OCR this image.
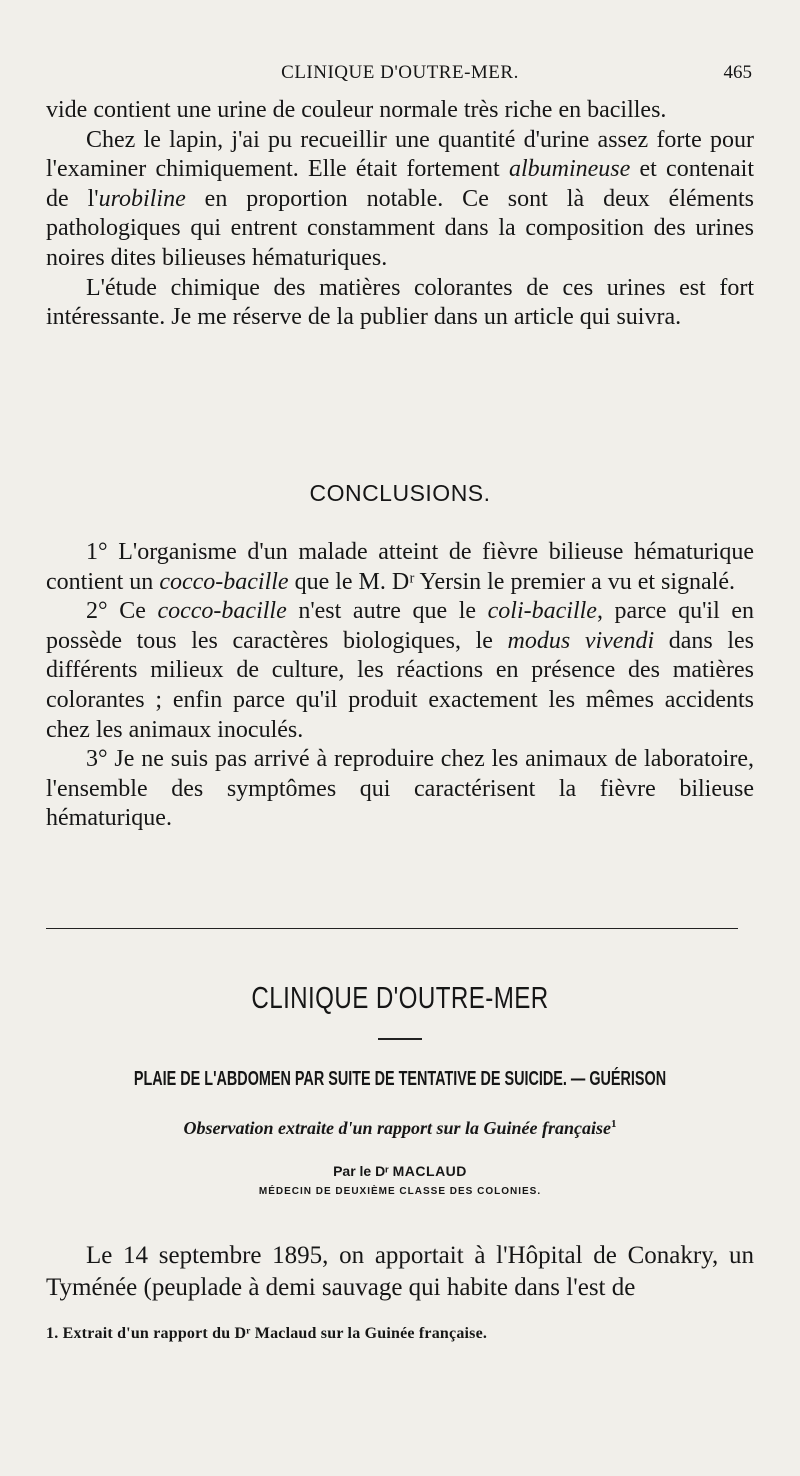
CLINIQUE D'OUTRE-MER.	465

vide contient une urine de couleur normale très riche en bacilles.

Chez le lapin, j'ai pu recueillir une quantité d'urine assez forte pour l'examiner chimiquement. Elle était fortement albumineuse et contenait de l'urobiline en proportion notable. Ce sont là deux éléments pathologiques qui entrent constamment dans la composition des urines noires dites bilieuses hématuriques.

L'étude chimique des matières colorantes de ces urines est fort intéressante. Je me réserve de la publier dans un article qui suivra.

CONCLUSIONS.

1° L'organisme d'un malade atteint de fièvre bilieuse hématurique contient un cocco-bacille que le M. Dʳ Yersin le premier a vu et signalé.

2° Ce cocco-bacille n'est autre que le coli-bacille, parce qu'il en possède tous les caractères biologiques, le modus vivendi dans les différents milieux de culture, les réactions en présence des matières colorantes ; enfin parce qu'il produit exactement les mêmes accidents chez les animaux inoculés.

3° Je ne suis pas arrivé à reproduire chez les animaux de laboratoire, l'ensemble des symptômes qui caractérisent la fièvre bilieuse hématurique.

CLINIQUE D'OUTRE-MER
PLAIE DE L'ABDOMEN PAR SUITE DE TENTATIVE DE SUICIDE. — GUÉRISON
Observation extraite d'un rapport sur la Guinée française$^1$
Par le Dʳ MACLAUD
MÉDECIN DE DEUXIÈME CLASSE DES COLONIES.

Le 14 septembre 1895, on apportait à l'Hôpital de Conakry, un Tyménée (peuplade à demi sauvage qui habite dans l'est de

1. Extrait d'un rapport du Dʳ Maclaud sur la Guinée française.
